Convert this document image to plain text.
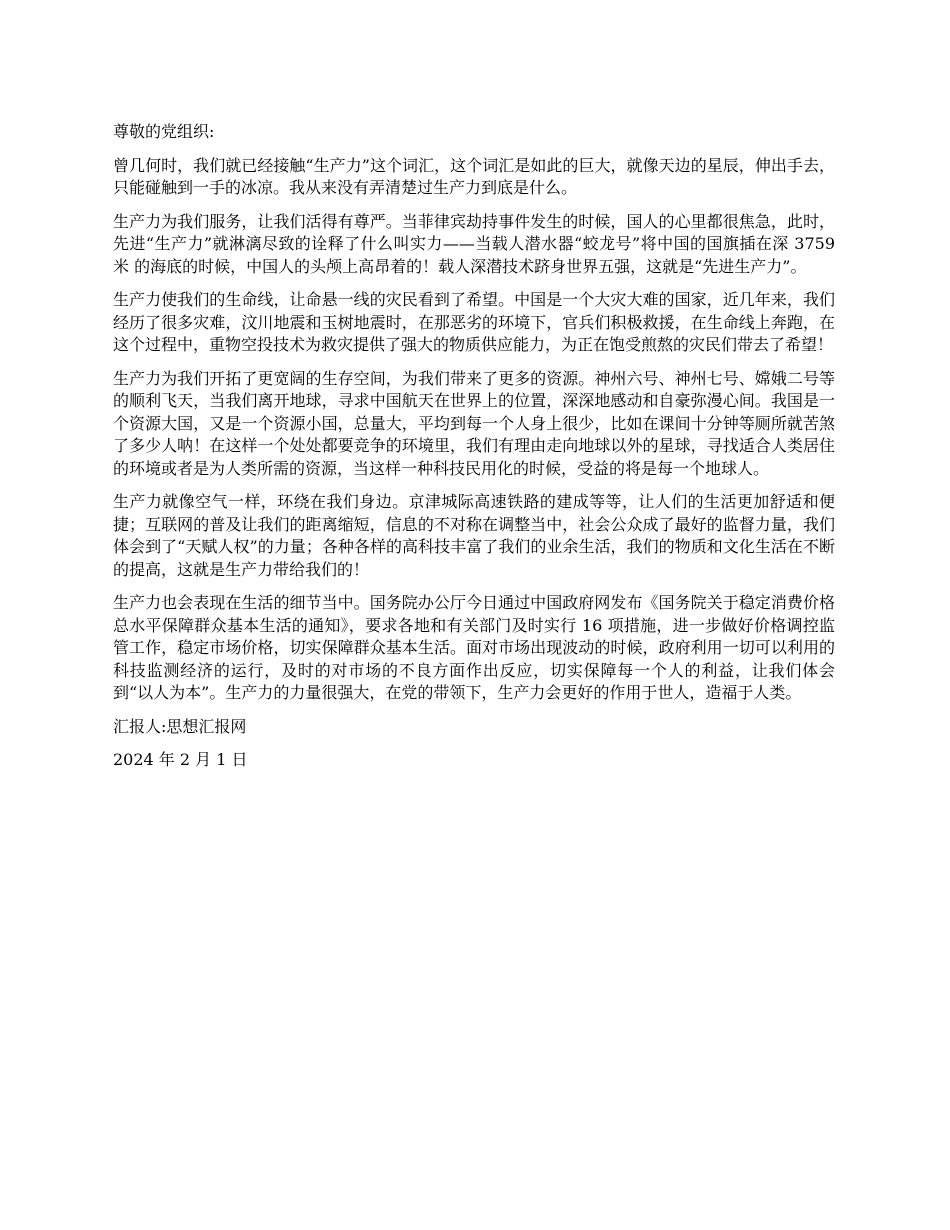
尊敬的党组织:

曾几何时，我们就已经接触“生产力”这个词汇，这个词汇是如此的巨大，就像天边的星辰，伸出手去，只能碰触到一手的冰凉。我从来没有弄清楚过生产力到底是什么。

生产力为我们服务，让我们活得有尊严。当菲律宾劫持事件发生的时候，国人的心里都很焦急，此时，先进“生产力”就淋漓尽致的诠释了什么叫实力——当载人潜水器“蛟龙号”将中国的国旗插在深 3759 米 的海底的时候，中国人的头颅上高昂着的！载人深潜技术跻身世界五强，这就是“先进生产力”。

生产力使我们的生命线，让命悬一线的灾民看到了希望。中国是一个大灾大难的国家，近几年来，我们经历了很多灾难，汶川地震和玉树地震时，在那恶劣的环境下，官兵们积极救援，在生命线上奔跑，在这个过程中，重物空投技术为救灾提供了强大的物质供应能力，为正在饱受煎熬的灾民们带去了希望！

生产力为我们开拓了更宽阔的生存空间，为我们带来了更多的资源。神州六号、神州七号、嫦娥二号等的顺利飞天，当我们离开地球，寻求中国航天在世界上的位置，深深地感动和自豪弥漫心间。我国是一个资源大国，又是一个资源小国，总量大，平均到每一个人身上很少，比如在课间十分钟等厕所就苦煞了多少人呐！在这样一个处处都要竞争的环境里，我们有理由走向地球以外的星球，寻找适合人类居住的环境或者是为人类所需的资源，当这样一种科技民用化的时候，受益的将是每一个地球人。

生产力就像空气一样，环绕在我们身边。京津城际高速铁路的建成等等，让人们的生活更加舒适和便捷；互联网的普及让我们的距离缩短，信息的不对称在调整当中，社会公众成了最好的监督力量，我们体会到了“天赋人权”的力量；各种各样的高科技丰富了我们的业余生活，我们的物质和文化生活在不断的提高，这就是生产力带给我们的！

生产力也会表现在生活的细节当中。国务院办公厅今日通过中国政府网发布《国务院关于稳定消费价格总水平保障群众基本生活的通知》，要求各地和有关部门及时实行 16 项措施，进一步做好价格调控监管工作，稳定市场价格，切实保障群众基本生活。面对市场出现波动的时候，政府利用一切可以利用的科技监测经济的运行，及时的对市场的不良方面作出反应，切实保障每一个人的利益，让我们体会到“以人为本”。生产力的力量很强大，在党的带领下，生产力会更好的作用于世人，造福于人类。

汇报人:思想汇报网

2024 年 2 月 1 日
